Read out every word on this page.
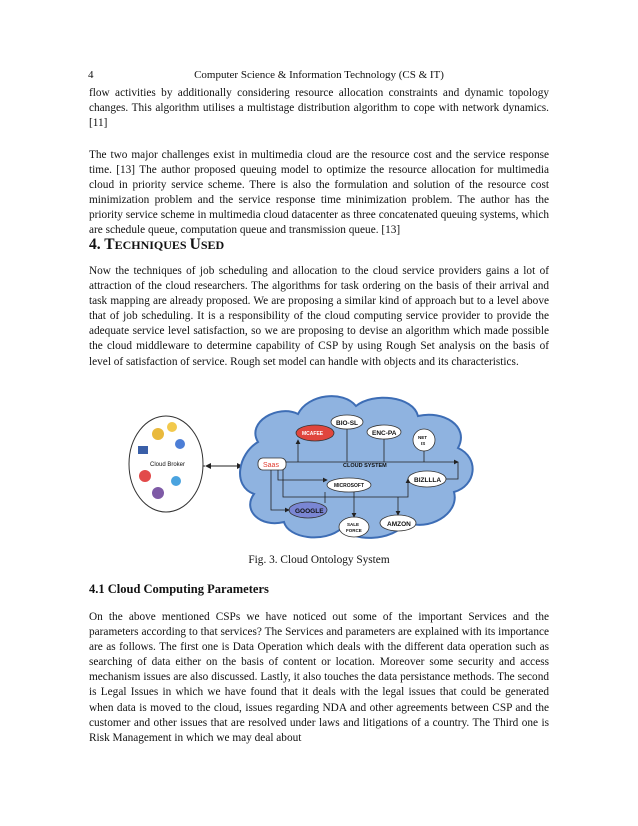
4	Computer Science & Information Technology (CS & IT)

flow activities by additionally considering resource allocation constraints and dynamic topology changes. This algorithm utilises a multistage distribution algorithm to cope with network dynamics. [11]

The two major challenges exist in multimedia cloud are the resource cost and the service response time. [13] The author proposed queuing model to optimize the resource allocation for multimedia cloud in priority service scheme. There is also the formulation and solution of the resource cost minimization problem and the service response time minimization problem. The author has the priority service scheme in multimedia cloud datacenter as three concatenated queuing systems, which are schedule queue, computation queue and transmission queue. [13]

4. TECHNIQUES USED

Now the techniques of job scheduling and allocation to the cloud service providers gains a lot of attraction of the cloud researchers. The algorithms for task ordering on the basis of their arrival and task mapping are already proposed. We are proposing a similar kind of approach but to a level above that of job scheduling. It is a responsibility of the cloud computing service provider to provide the adequate service level satisfaction, so we are proposing to devise an algorithm which made possible the cloud middleware to determine capability of CSP by using Rough Set analysis on the basis of level of satisfaction of service. Rough set model can handle with objects and its characteristics.

Cloud Broker
BIO-SL
MCAFEE	ENC-PA
NET
IS
Saas	CLOUD SYSTEM
MICROSOFT
BIZLLLA
GOOGLE
SALE
FORCE
AMZON
Fig. 3. Cloud Ontology System
4.1 Cloud Computing Parameters

On the above mentioned CSPs we have noticed out some of the important Services and the parameters according to that services? The Services and parameters are explained with its importance are as follows. The first one is Data Operation which deals with the different data operation such as searching of data either on the basis of content or location. Moreover some security and access mechanism issues are also discussed. Lastly, it also touches the data persistance methods. The second is Legal Issues in which we have found that it deals with the legal issues that could be generated when data is moved to the cloud, issues regarding NDA and other agreements between CSP and the customer and other issues that are resolved under laws and litigations of a country. The Third one is Risk Management in which we may deal about
